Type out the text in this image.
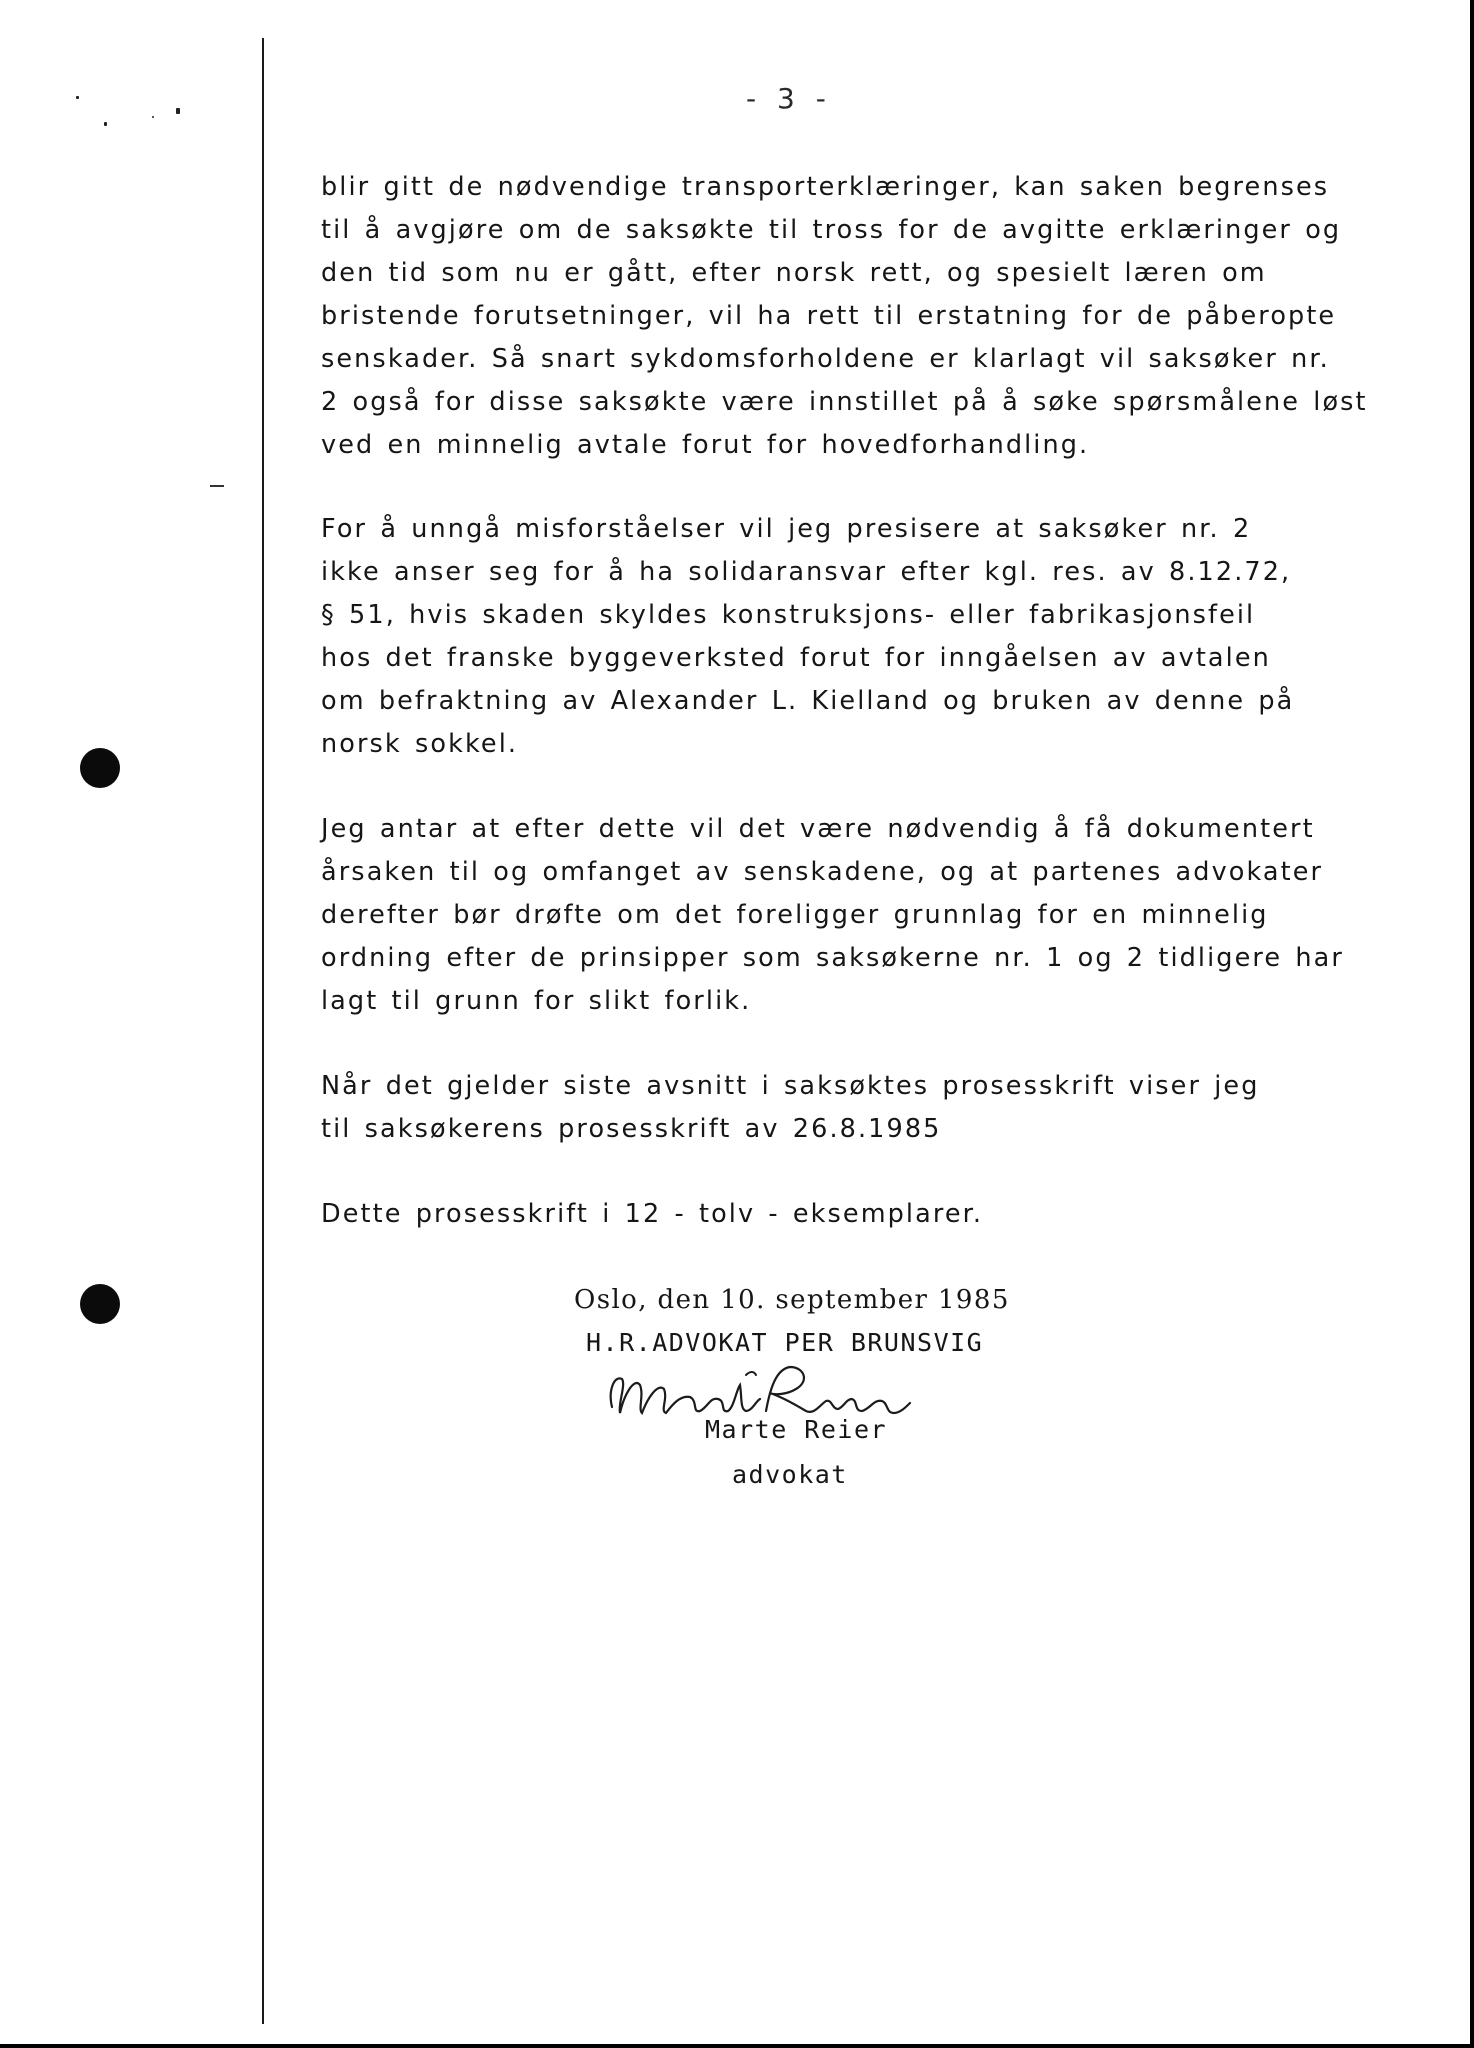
- 3 -
blir gitt de nødvendige transporterklæringer, kan saken begrenses
til å avgjøre om de saksøkte til tross for de avgitte erklæringer og
den tid som nu er gått, efter norsk rett, og spesielt læren om
bristende forutsetninger, vil ha rett til erstatning for de påberopte
senskader. Så snart sykdomsforholdene er klarlagt vil saksøker nr.
2 også for disse saksøkte være innstillet på å søke spørsmålene løst
ved en minnelig avtale forut for hovedforhandling.
For å unngå misforståelser vil jeg presisere at saksøker nr. 2
ikke anser seg for å ha solidaransvar efter kgl. res. av 8.12.72,
§ 51, hvis skaden skyldes konstruksjons- eller fabrikasjonsfeil
hos det franske byggeverksted forut for inngåelsen av avtalen
om befraktning av Alexander L. Kielland og bruken av denne på
norsk sokkel.
Jeg antar at efter dette vil det være nødvendig å få dokumentert
årsaken til og omfanget av senskadene, og at partenes advokater
derefter bør drøfte om det foreligger grunnlag for en minnelig
ordning efter de prinsipper som saksøkerne nr. 1 og 2 tidligere har
lagt til grunn for slikt forlik.
Når det gjelder siste avsnitt i saksøktes prosesskrift viser jeg
til saksøkerens prosesskrift av 26.8.1985
Dette prosesskrift i 12 - tolv - eksemplarer.
Oslo, den 10. september 1985
H.R.ADVOKAT PER BRUNSVIG
Marte Reier
advokat
